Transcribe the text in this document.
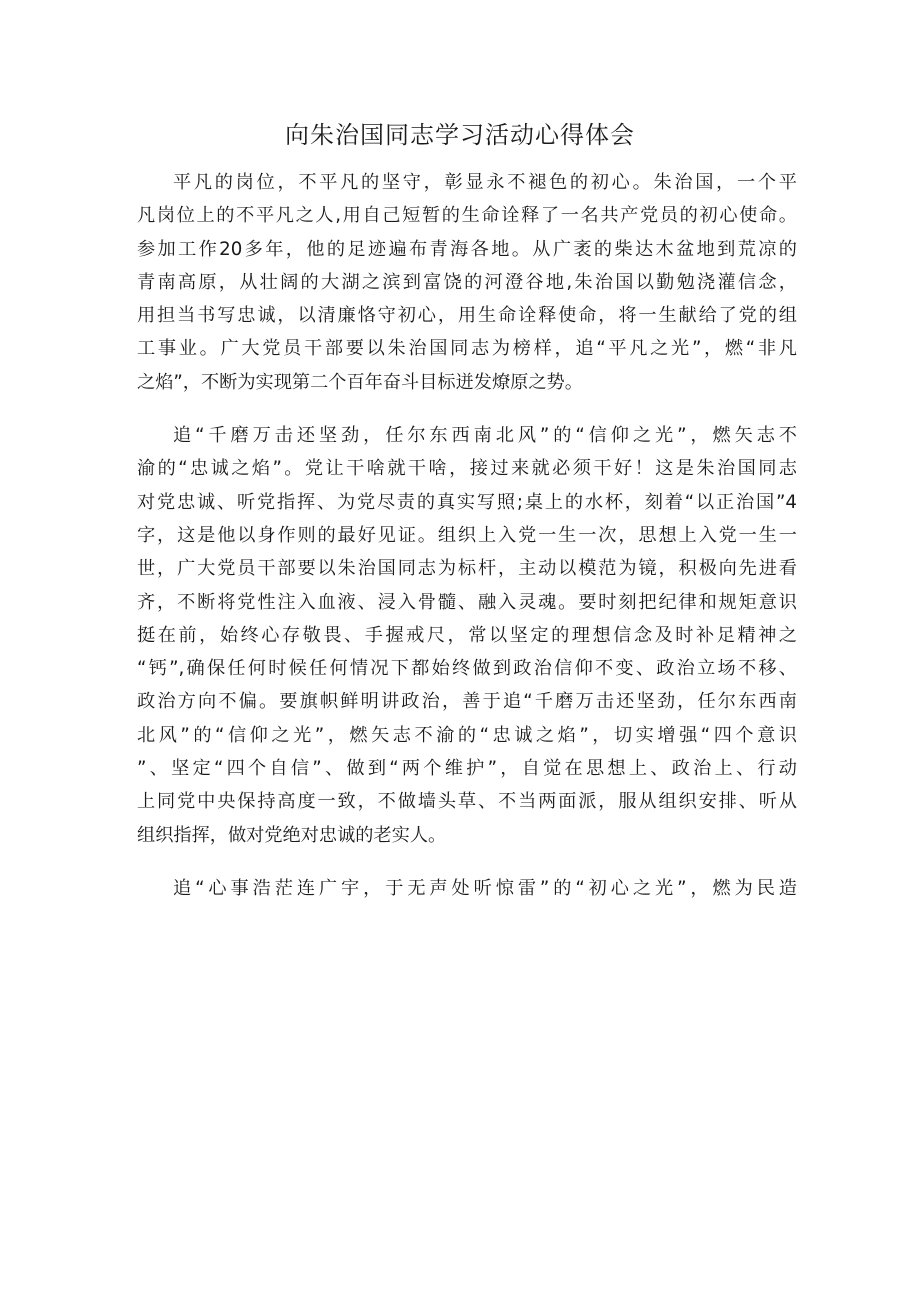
向朱治国同志学习活动心得体会
平凡的岗位，不平凡的坚守，彰显永不褪色的初心。朱治国，一个平
凡岗位上的不平凡之人,用自己短暂的生命诠释了一名共产党员的初心使命。
参加工作20多年，他的足迹遍布青海各地。从广袤的柴达木盆地到荒凉的
青南高原，从壮阔的大湖之滨到富饶的河澄谷地,朱治国以勤勉浇灌信念，
用担当书写忠诚，以清廉恪守初心，用生命诠释使命，将一生献给了党的组
工事业。广大党员干部要以朱治国同志为榜样，追“平凡之光”，燃“非凡
之焰”，不断为实现第二个百年奋斗目标迸发燎原之势。
追“千磨万击还坚劲，任尔东西南北风”的“信仰之光”，燃矢志不
渝的“忠诚之焰”。党让干啥就干啥，接过来就必须干好！这是朱治国同志
对党忠诚、听党指挥、为党尽责的真实写照;桌上的水杯，刻着“以正治国”4
字，这是他以身作则的最好见证。组织上入党一生一次，思想上入党一生一
世，广大党员干部要以朱治国同志为标杆，主动以模范为镜，积极向先进看
齐，不断将党性注入血液、浸入骨髓、融入灵魂。要时刻把纪律和规矩意识
挺在前，始终心存敬畏、手握戒尺，常以坚定的理想信念及时补足精神之
“钙”,确保任何时候任何情况下都始终做到政治信仰不变、政治立场不移、
政治方向不偏。要旗帜鲜明讲政治，善于追“千磨万击还坚劲，任尔东西南
北风”的“信仰之光”，燃矢志不渝的“忠诚之焰”，切实增强“四个意识
”、坚定“四个自信”、做到“两个维护”，自觉在思想上、政治上、行动
上同党中央保持高度一致，不做墙头草、不当两面派，服从组织安排、听从
组织指挥，做对党绝对忠诚的老实人。
追“心事浩茫连广宇，于无声处听惊雷”的“初心之光”，燃为民造
